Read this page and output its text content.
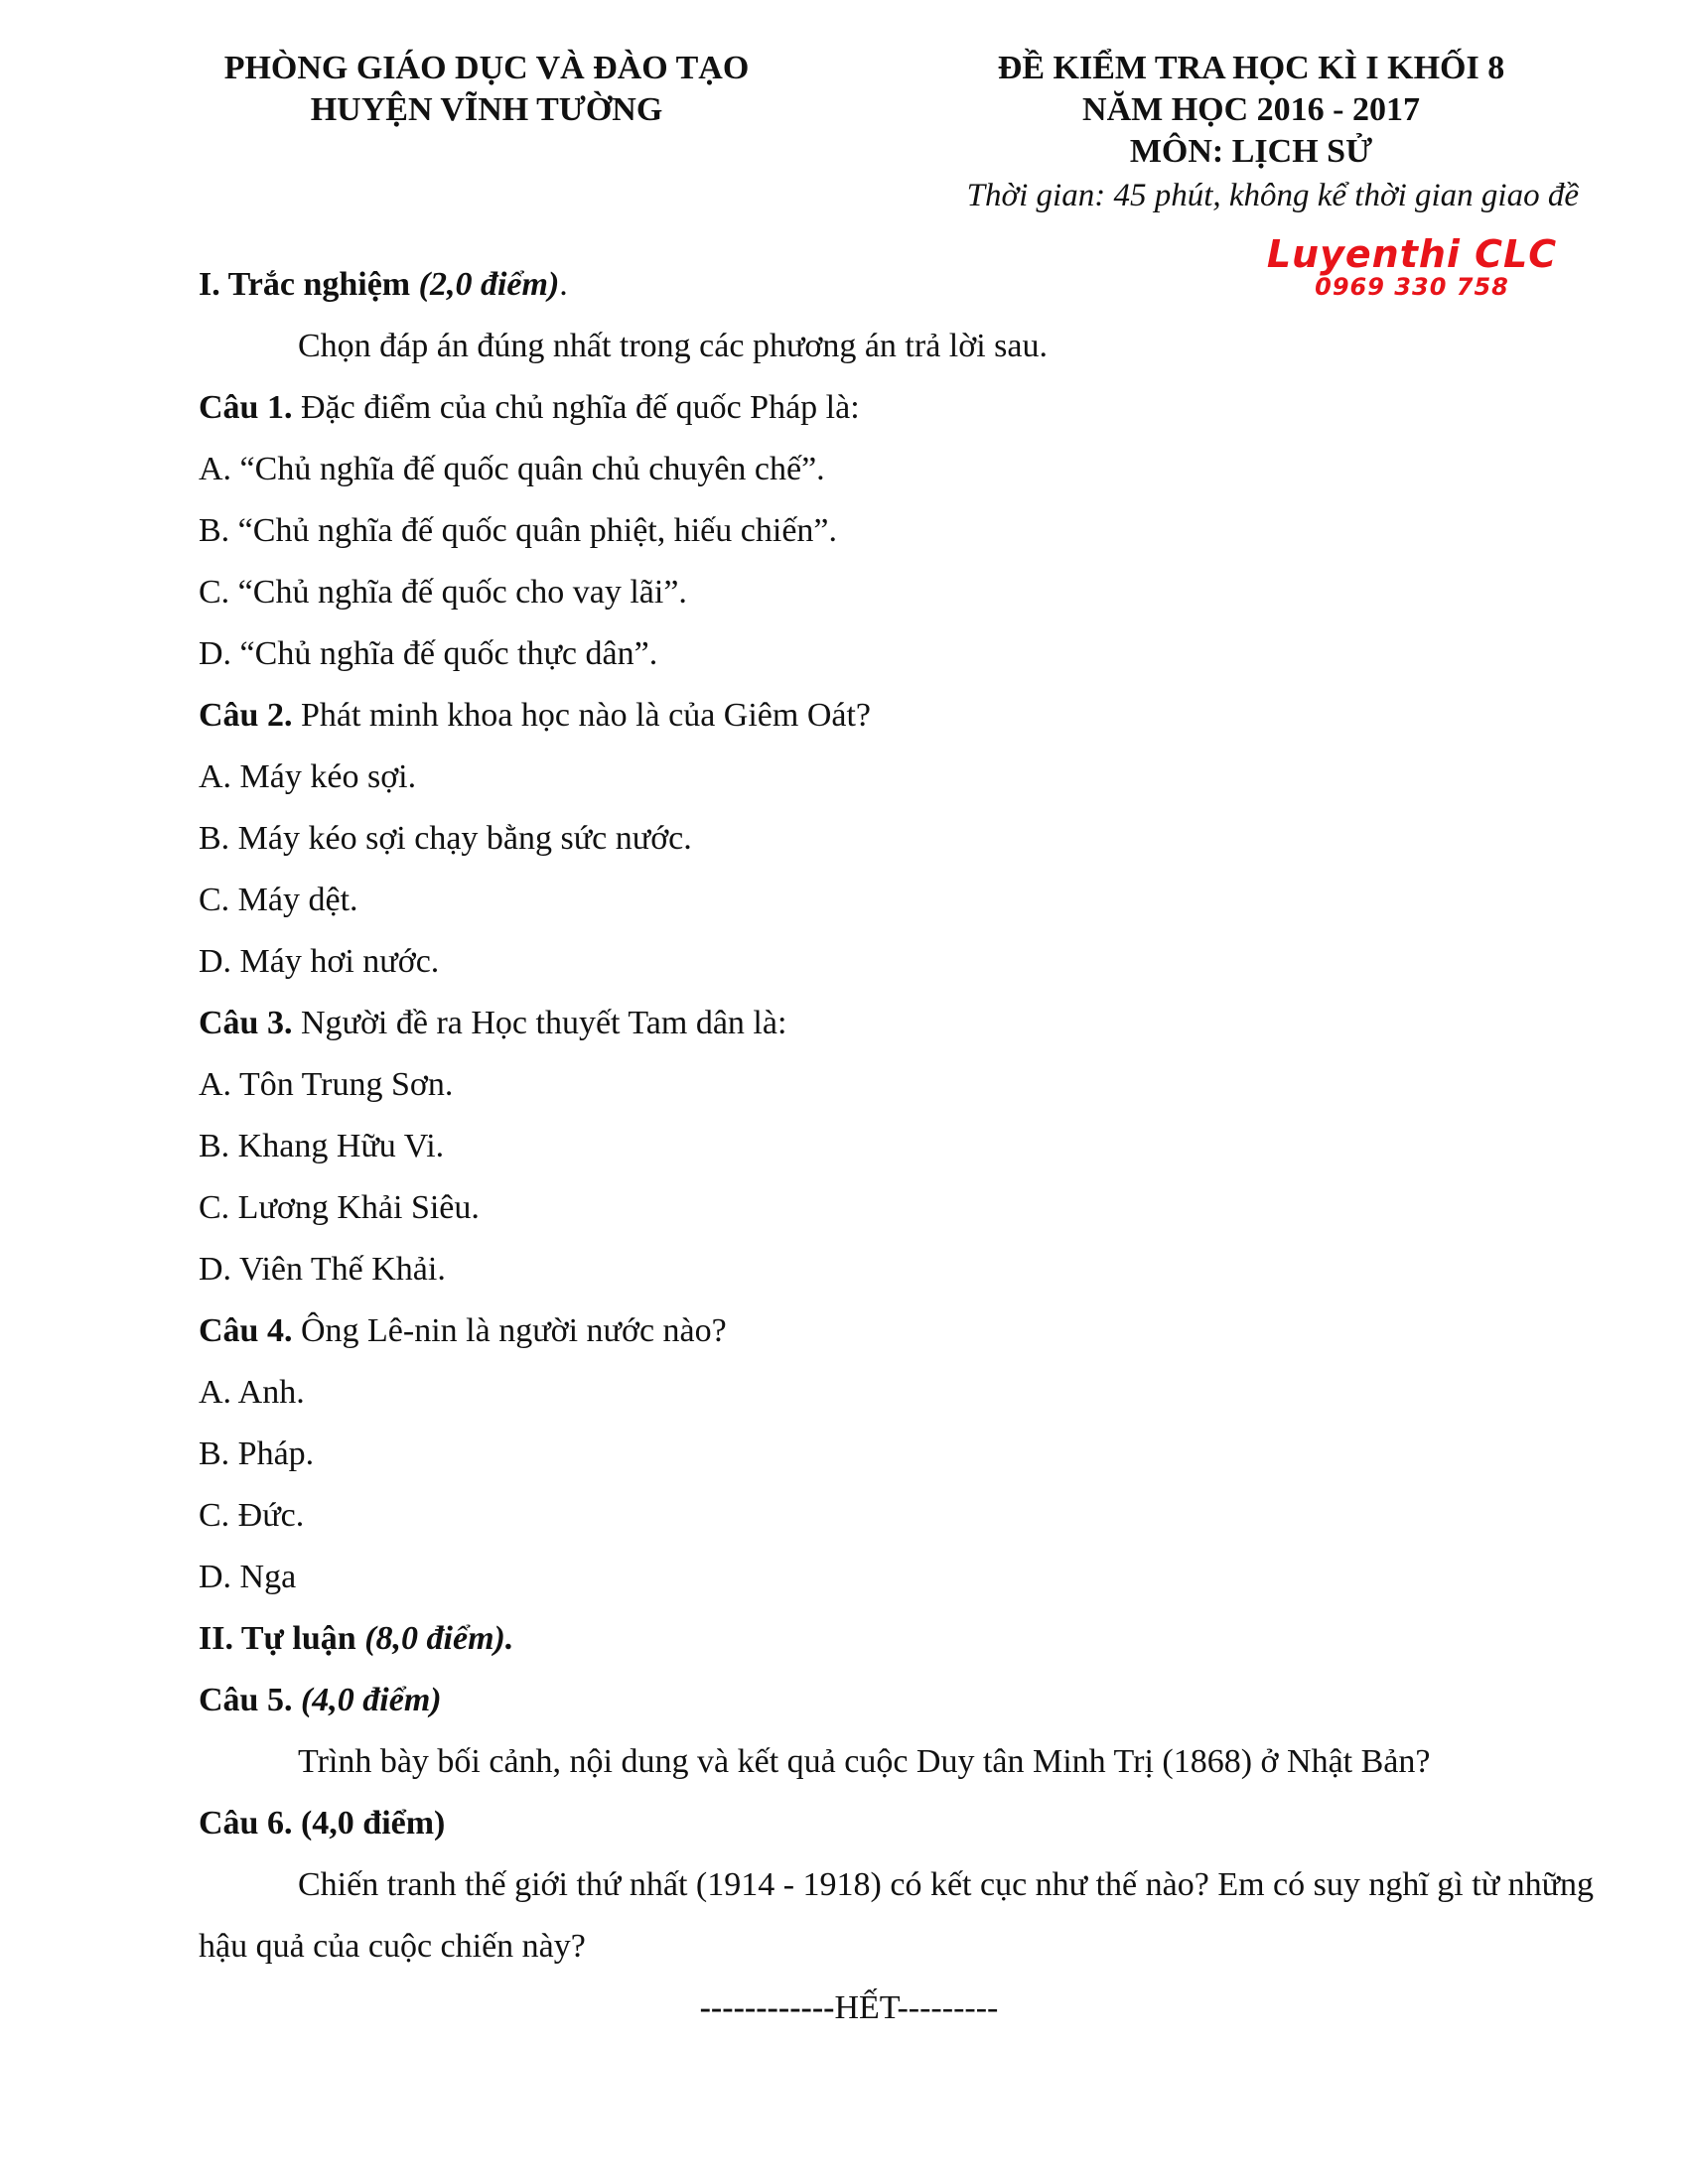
PHÒNG GIÁO DỤC VÀ ĐÀO TẠO
HUYỆN VĨNH TƯỜNG
ĐỀ KIỂM TRA HỌC KÌ I KHỐI 8
NĂM HỌC 2016 - 2017
MÔN: LỊCH SỬ
Thời gian: 45 phút, không kể thời gian giao đề
Luyenthi CLC
0969 330 758
I. Trắc nghiệm (2,0 điểm).
Chọn đáp án đúng nhất trong các phương án trả lời sau.
Câu 1. Đặc điểm của chủ nghĩa đế quốc Pháp là:
A. “Chủ nghĩa đế quốc quân chủ chuyên chế”.
B. “Chủ nghĩa đế quốc quân phiệt, hiếu chiến”.
C. “Chủ nghĩa đế quốc cho vay lãi”.
D. “Chủ nghĩa đế quốc thực dân”.
Câu 2. Phát minh khoa học nào là của Giêm Oát?
A. Máy kéo sợi.
B. Máy kéo sợi chạy bằng sức nước.
C. Máy dệt.
D. Máy hơi nước.
Câu 3. Người đề ra Học thuyết Tam dân là:
A. Tôn Trung Sơn.
B. Khang Hữu Vi.
C. Lương Khải Siêu.
D. Viên Thế Khải.
Câu 4. Ông Lê-nin là người nước nào?
A. Anh.
B. Pháp.
C. Đức.
D. Nga
II. Tự luận (8,0 điểm).
Câu 5. (4,0 điểm)
Trình bày bối cảnh, nội dung và kết quả cuộc Duy tân Minh Trị (1868) ở Nhật Bản?
Câu 6. (4,0 điểm)
Chiến tranh thế giới thứ nhất (1914 - 1918) có kết cục như thế nào? Em có suy nghĩ gì từ những hậu quả của cuộc chiến này?
------------HẾT---------
